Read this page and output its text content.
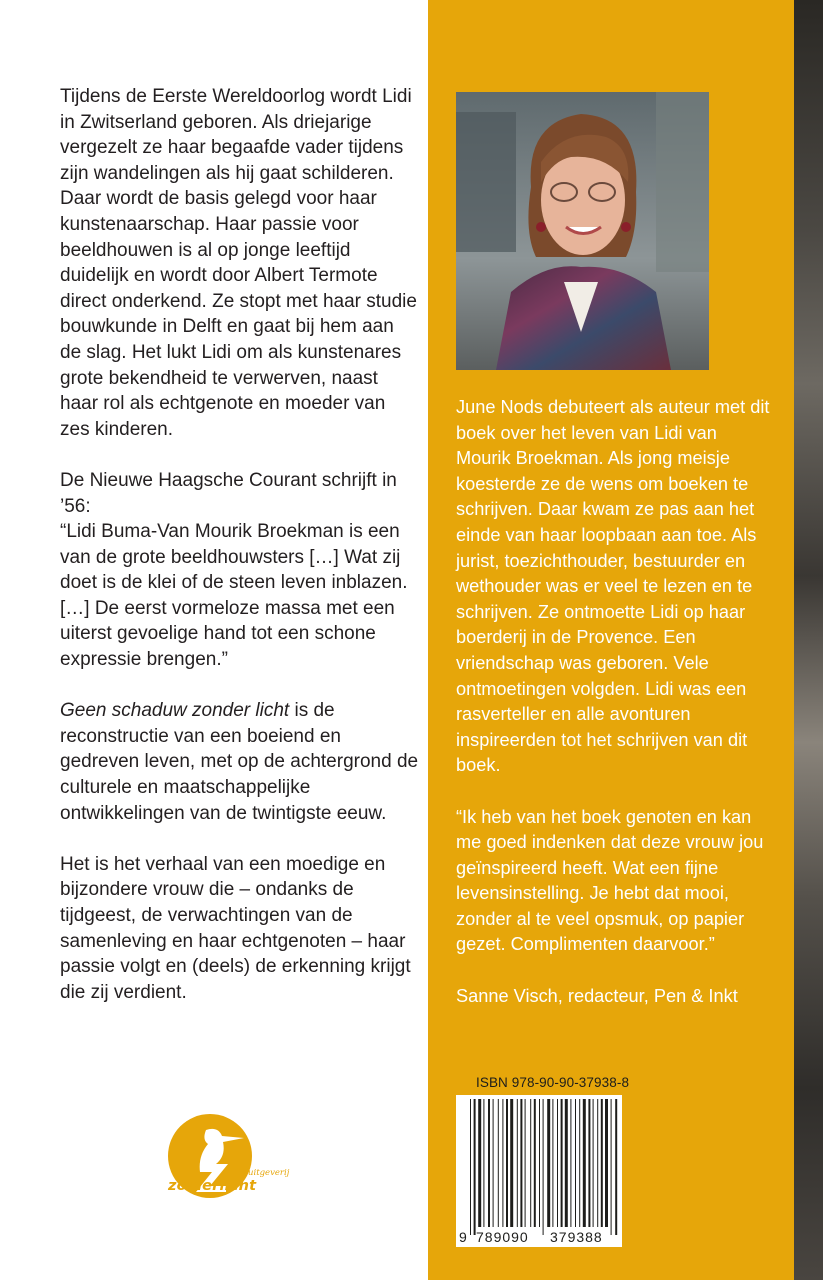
Tijdens de Eerste Wereldoorlog wordt Lidi in Zwitserland geboren. Als driejarige vergezelt ze haar begaafde vader tijdens zijn wandelingen als hij gaat schilderen. Daar wordt de basis gelegd voor haar kunstenaarschap. Haar passie voor beeldhouwen is al op jonge leeftijd duidelijk en wordt door Albert Termote direct onderkend. Ze stopt met haar studie bouwkunde in Delft en gaat bij hem aan de slag. Het lukt Lidi om als kunstenares grote bekendheid te verwerven, naast haar rol als echtgenote en moeder van zes kinderen.

De Nieuwe Haagsche Courant schrijft in ’56:
“Lidi Buma-Van Mourik Broekman is een van de grote beeldhouwsters […] Wat zij doet is de klei of de steen leven inblazen. […] De eerst vormeloze massa met een uiterst gevoelige hand tot een schone expressie brengen.”

Geen schaduw zonder licht is de reconstructie van een boeiend en gedreven leven, met op de achtergrond de culturele en maatschappelijke ontwikkelingen van de twintigste eeuw.

Het is het verhaal van een moedige en bijzondere vrouw die – ondanks de tijdgeest, de verwachtingen van de samenleving en haar echtgenoten – haar passie volgt en (deels) de erkenning krijgt die zij verdient.

June Nods debuteert als auteur met dit boek over het leven van Lidi van Mourik Broekman. Als jong meisje koesterde ze de wens om boeken te schrijven. Daar kwam ze pas aan het einde van haar loopbaan aan toe. Als jurist, toezichthouder, bestuurder en wethouder was er veel te lezen en te schrijven. Ze ontmoette Lidi op haar boerderij in de Provence. Een vriendschap was geboren. Vele ontmoetingen volgden. Lidi was een rasverteller en alle avonturen inspireerden tot het schrijven van dit boek.

“Ik heb van het boek genoten en kan me goed indenken dat deze vrouw jou geïnspireerd heeft. Wat een fijne levensinstelling. Je hebt dat mooi, zonder al te veel opsmuk, op papier gezet. Complimenten daarvoor.”

Sanne Visch, redacteur, Pen & Inkt

ISBN 978-90-90-37938-8
9 789090 379388
zomerlicht
uitgeverij
